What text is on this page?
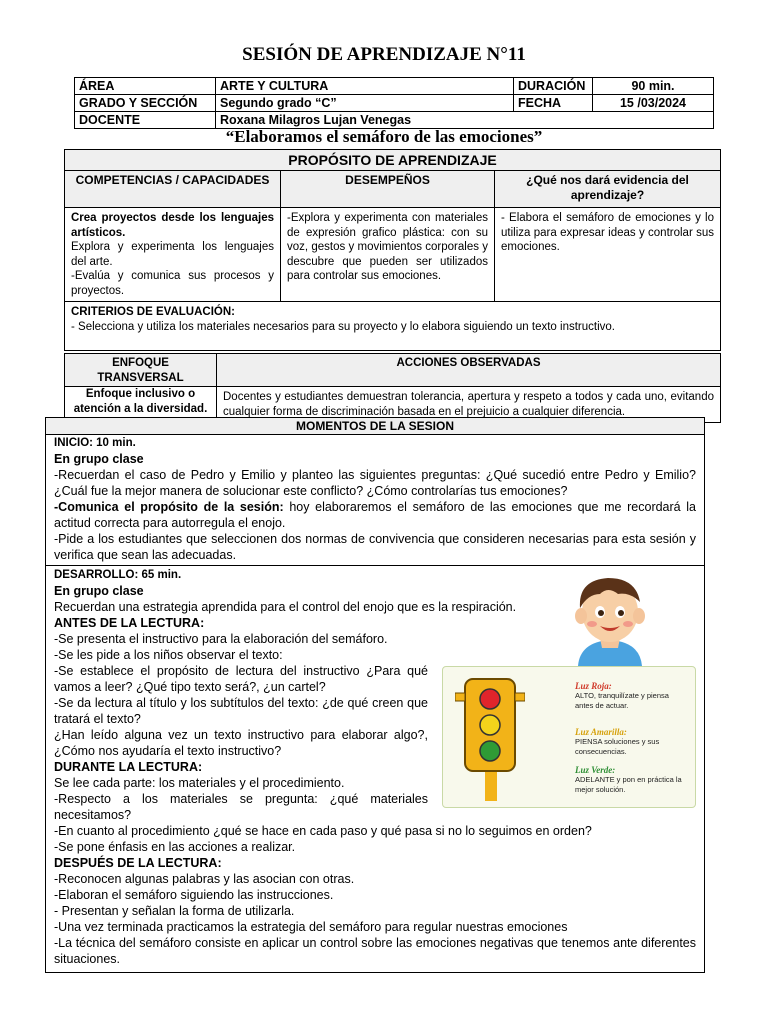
SESIÓN DE APRENDIZAJE N°11
ÁREA	ARTE Y CULTURA	DURACIÓN	90 min.
GRADO Y SECCIÓN	Segundo grado “C”	FECHA	15 /03/2024
DOCENTE	Roxana Milagros Lujan Venegas		
“Elaboramos el semáforo de las emociones”
PROPÓSITO DE APRENDIZAJE		
COMPETENCIAS / CAPACIDADES	DESEMPEÑOS	¿Qué nos dará evidencia del aprendizaje?

Crea proyectos desde los lenguajes artísticos.
Explora y experimenta los lenguajes del arte.
-Evalúa y comunica sus procesos y proyectos.	-Explora y experimenta con materiales de expresión grafico plástica: con su voz, gestos y movimientos corporales y descubre que pueden ser utilizados para controlar sus emociones.	- Elabora el semáforo de emociones y lo utiliza para expresar ideas y controlar sus emociones.

CRITERIOS DE EVALUACIÓN:
- Selecciona y utiliza los materiales necesarios para su proyecto y lo elabora siguiendo un texto instructivo.		
ENFOQUE TRANSVERSAL	ACCIONES OBSERVADAS
Enfoque inclusivo o atención a la diversidad.	Docentes y estudiantes demuestran tolerancia, apertura y respeto a todos y cada uno, evitando cualquier forma de discriminación basada en el prejuicio a cualquier diferencia.
MOMENTOS DE LA SESION
INICIO: 10 min.
En grupo clase
-Recuerdan el caso de Pedro y Emilio y planteo las siguientes preguntas: ¿Qué sucedió entre Pedro y Emilio? ¿Cuál fue la mejor manera de solucionar este conflicto? ¿Cómo controlarías tus emociones?
-Comunica el propósito de la sesión: hoy elaboraremos el semáforo de las emociones que me recordará la actitud correcta para autorregula el enojo.
-Pide a los estudiantes que seleccionen dos normas de convivencia que consideren necesarias para esta sesión y verifica que sean las adecuadas.
DESARROLLO: 65 min.
En grupo clase
Recuerdan una estrategia aprendida para el control del enojo que es la respiración.
ANTES DE LA LECTURA:
-Se presenta el instructivo para la elaboración del semáforo.
-Se les pide a los niños observar el texto:
-Se establece el propósito de lectura del instructivo ¿Para qué vamos a leer? ¿Qué tipo texto será?, ¿un cartel?
-Se da lectura al título y los subtítulos del texto: ¿de qué creen que tratará el texto?
¿Han leído alguna vez un texto instructivo para elaborar algo?, ¿Cómo nos ayudaría el texto instructivo?
DURANTE LA LECTURA:
Se lee cada parte: los materiales y el procedimiento.
-Respecto a los materiales se pregunta: ¿qué materiales necesitamos?
-En cuanto al procedimiento ¿qué se hace en cada paso y qué pasa si no lo seguimos en orden?
-Se pone énfasis en las acciones a realizar.
DESPUÉS DE LA LECTURA:
-Reconocen algunas palabras y las asocian con otras.
-Elaboran el semáforo siguiendo las instrucciones.
- Presentan y señalan la forma de utilizarla.
-Una vez terminada practicamos la estrategia del semáforo para regular nuestras emociones
-La técnica del semáforo consiste en aplicar un control sobre las emociones negativas que tenemos ante diferentes situaciones.
Luz Roja:
ALTO, tranquilízate y piensa antes de actuar.
Luz Amarilla:
PIENSA soluciones y sus consecuencias.
Luz Verde:
ADELANTE y pon en práctica la mejor solución.
